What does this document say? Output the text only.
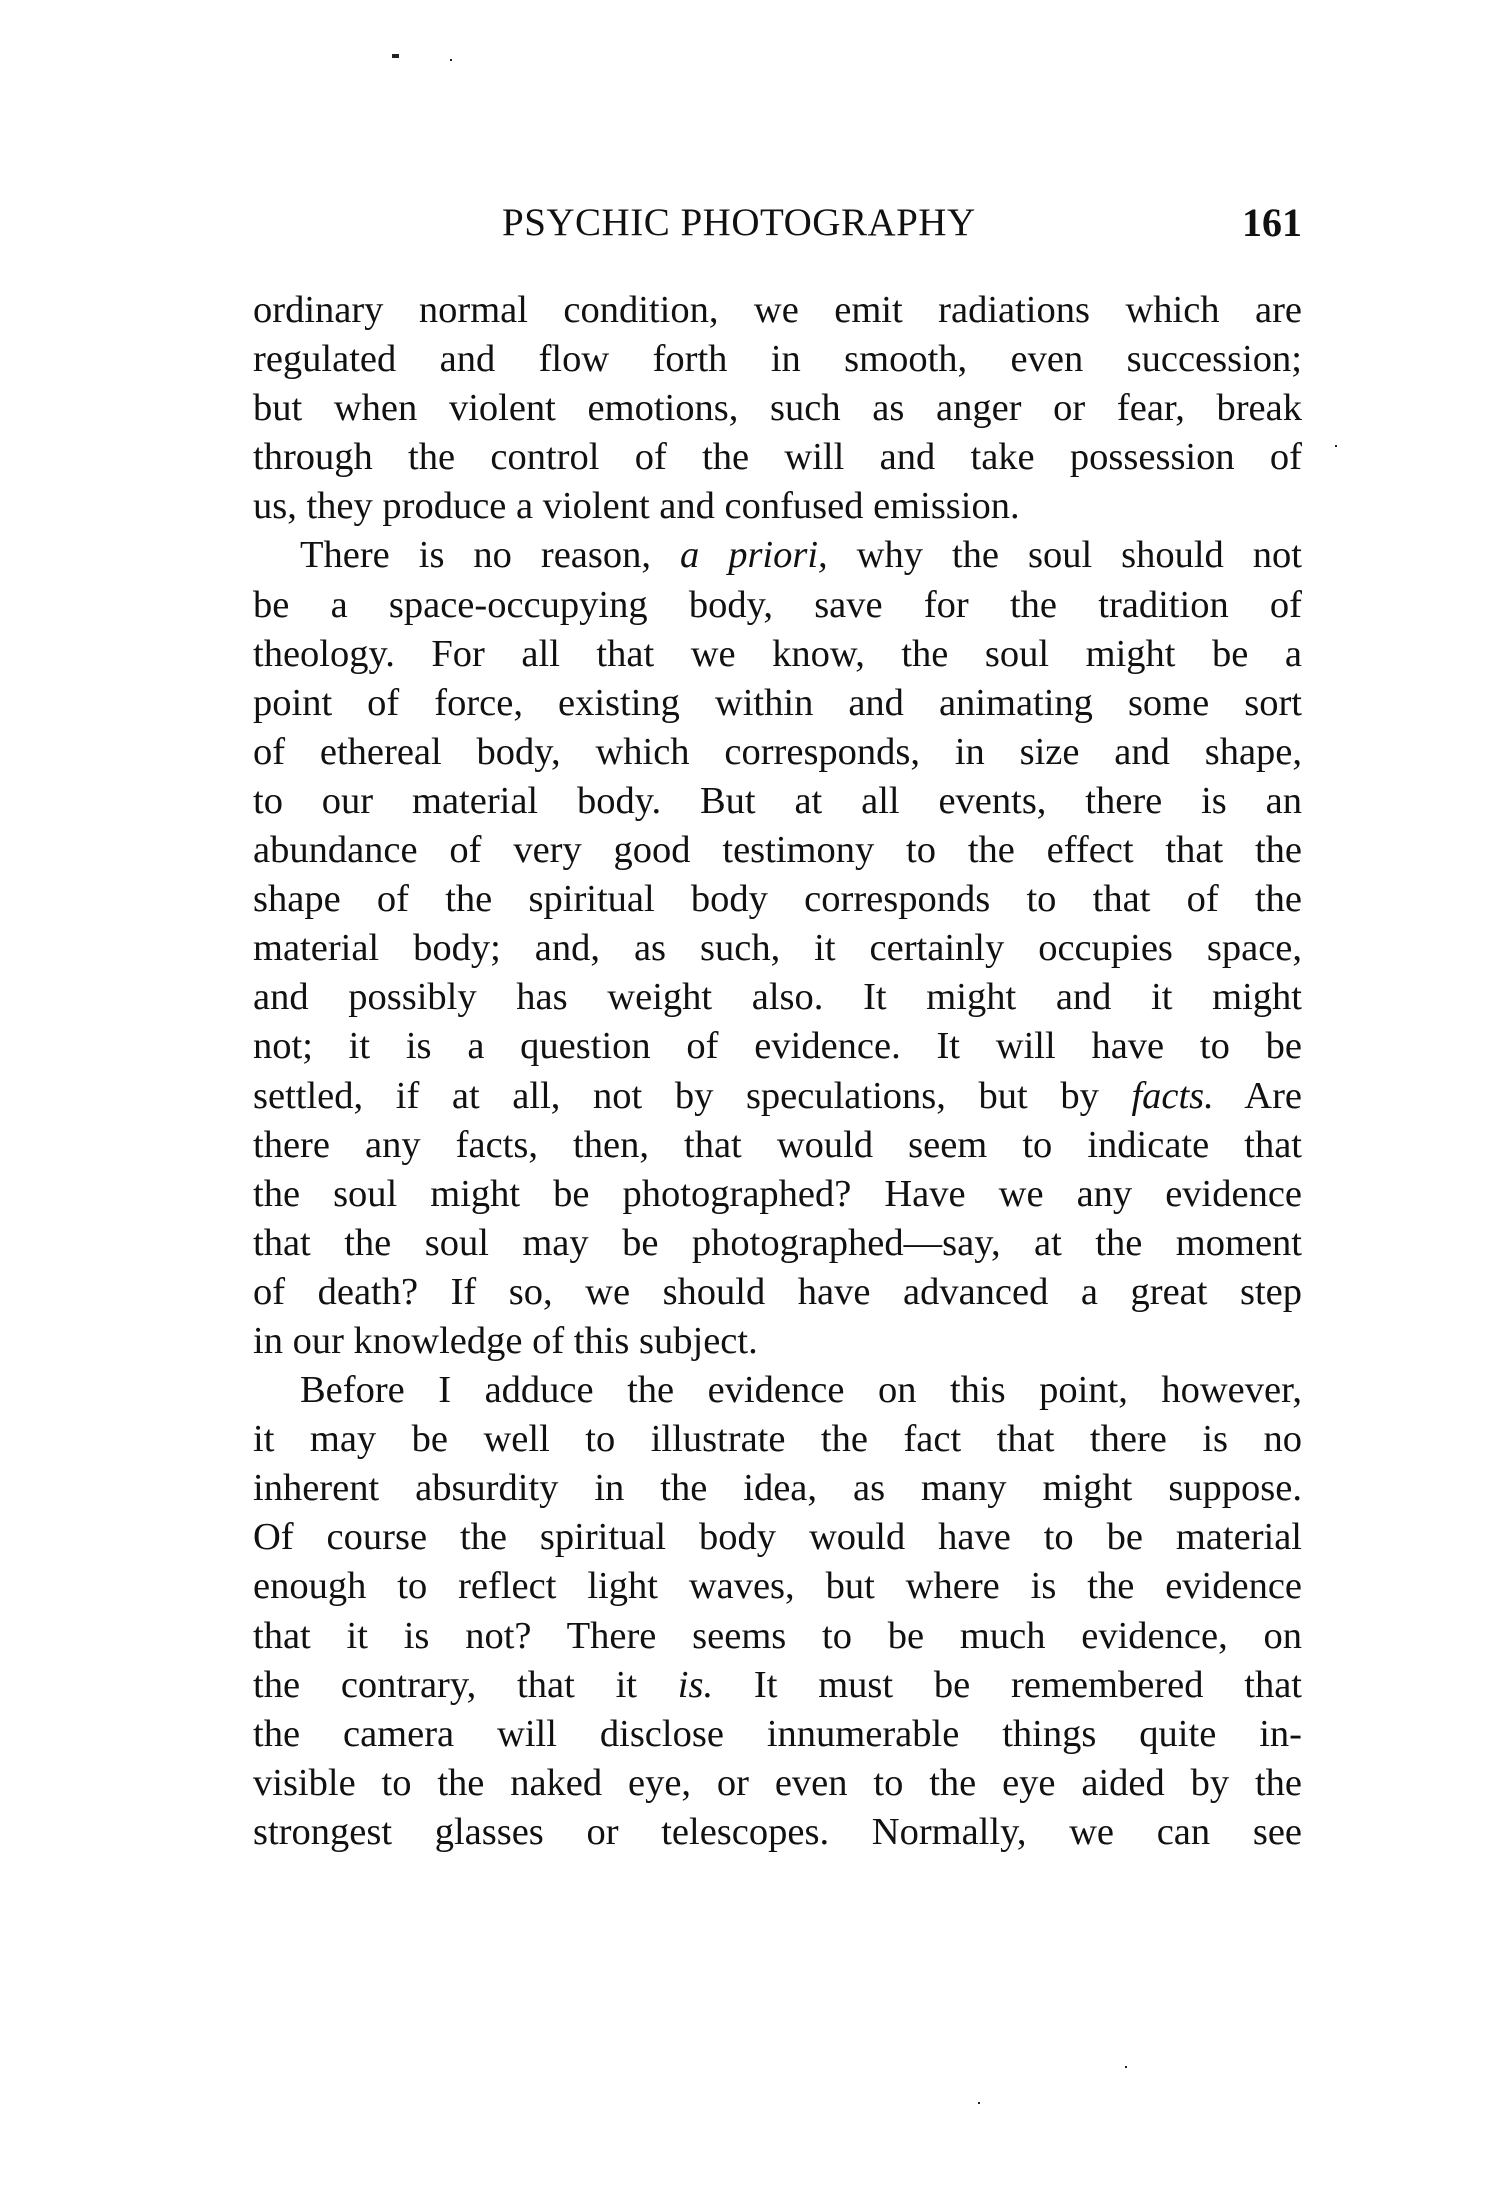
PSYCHIC PHOTOGRAPHY	161
ordinary normal condition, we emit radiations which are
regulated and flow forth in smooth, even succession;
but when violent emotions, such as anger or fear, break
through the control of the will and take possession of
us, they produce a violent and confused emission.
There is no reason, a priori, why the soul should not
be a space-occupying body, save for the tradition of
theology. For all that we know, the soul might be a
point of force, existing within and animating some sort
of ethereal body, which corresponds, in size and shape,
to our material body. But at all events, there is an
abundance of very good testimony to the effect that the
shape of the spiritual body corresponds to that of the
material body; and, as such, it certainly occupies space,
and possibly has weight also. It might and it might
not; it is a question of evidence. It will have to be
settled, if at all, not by speculations, but by facts. Are
there any facts, then, that would seem to indicate that
the soul might be photographed? Have we any evidence
that the soul may be photographed—say, at the moment
of death? If so, we should have advanced a great step
in our knowledge of this subject.
Before I adduce the evidence on this point, however,
it may be well to illustrate the fact that there is no
inherent absurdity in the idea, as many might suppose.
Of course the spiritual body would have to be material
enough to reflect light waves, but where is the evidence
that it is not? There seems to be much evidence, on
the contrary, that it is. It must be remembered that
the camera will disclose innumerable things quite in-
visible to the naked eye, or even to the eye aided by the
strongest glasses or telescopes. Normally, we can see
